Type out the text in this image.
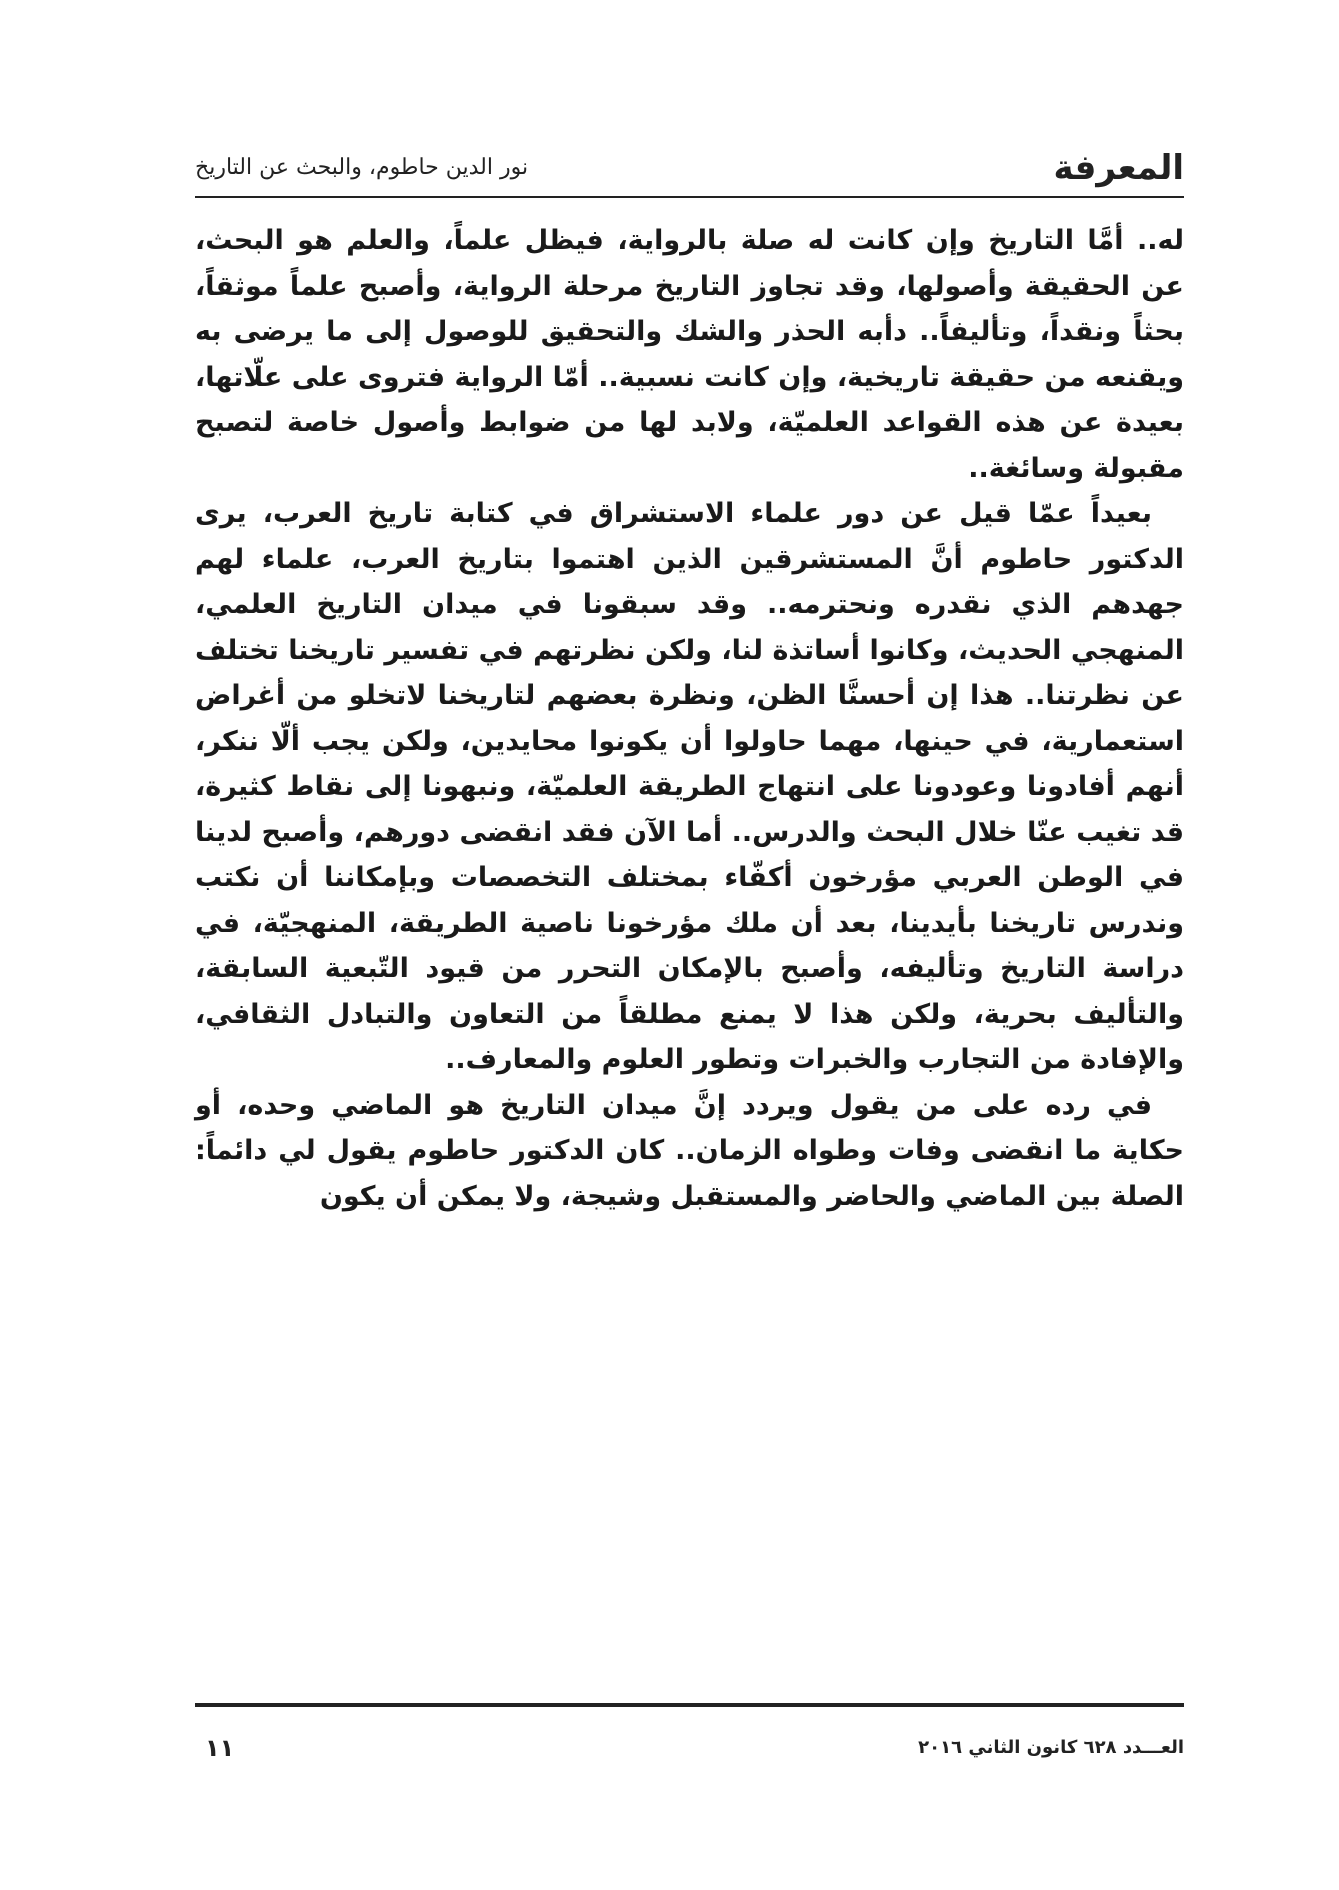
المعرفة
نور الدين حاطوم، والبحث عن التاريخ

له.. أمَّا التاريخ وإن كانت له صلة بالرواية، فيظل علماً، والعلم هو البحث، عن الحقيقة وأصولها، وقد تجاوز التاريخ مرحلة الرواية، وأصبح علماً موثقاً، بحثاً ونقداً، وتأليفاً.. دأبه الحذر والشك والتحقيق للوصول إلى ما يرضى به ويقنعه من حقيقة تاريخية، وإن كانت نسبية.. أمّا الرواية فتروى على علّاتها، بعيدة عن هذه القواعد العلميّة، ولابد لها من ضوابط وأصول خاصة لتصبح مقبولة وسائغة..

بعيداً عمّا قيل عن دور علماء الاستشراق في كتابة تاريخ العرب، يرى الدكتور حاطوم أنَّ المستشرقين الذين اهتموا بتاريخ العرب، علماء لهم جهدهم الذي نقدره ونحترمه.. وقد سبقونا في ميدان التاريخ العلمي، المنهجي الحديث، وكانوا أساتذة لنا، ولكن نظرتهم في تفسير تاريخنا تختلف عن نظرتنا.. هذا إن أحسنَّا الظن، ونظرة بعضهم لتاريخنا لاتخلو من أغراض استعمارية، في حينها، مهما حاولوا أن يكونوا محايدين، ولكن يجب ألّا ننكر، أنهم أفادونا وعودونا على انتهاج الطريقة العلميّة، ونبهونا إلى نقاط كثيرة، قد تغيب عنّا خلال البحث والدرس.. أما الآن فقد انقضى دورهم، وأصبح لدينا في الوطن العربي مؤرخون أكفّاء بمختلف التخصصات وبإمكاننا أن نكتب وندرس تاريخنا بأيدينا، بعد أن ملك مؤرخونا ناصية الطريقة، المنهجيّة، في دراسة التاريخ وتأليفه، وأصبح بالإمكان التحرر من قيود التّبعية السابقة، والتأليف بحرية، ولكن هذا لا يمنع مطلقاً من التعاون والتبادل الثقافي، والإفادة من التجارب والخبرات وتطور العلوم والمعارف..

في رده على من يقول ويردد إنَّ ميدان التاريخ هو الماضي وحده، أو حكاية ما انقضى وفات وطواه الزمان.. كان الدكتور حاطوم يقول لي دائماً: الصلة بين الماضي والحاضر والمستقبل وشيجة، ولا يمكن أن يكون

العـــدد ٦٢٨ كانون الثاني ٢٠١٦
١١
